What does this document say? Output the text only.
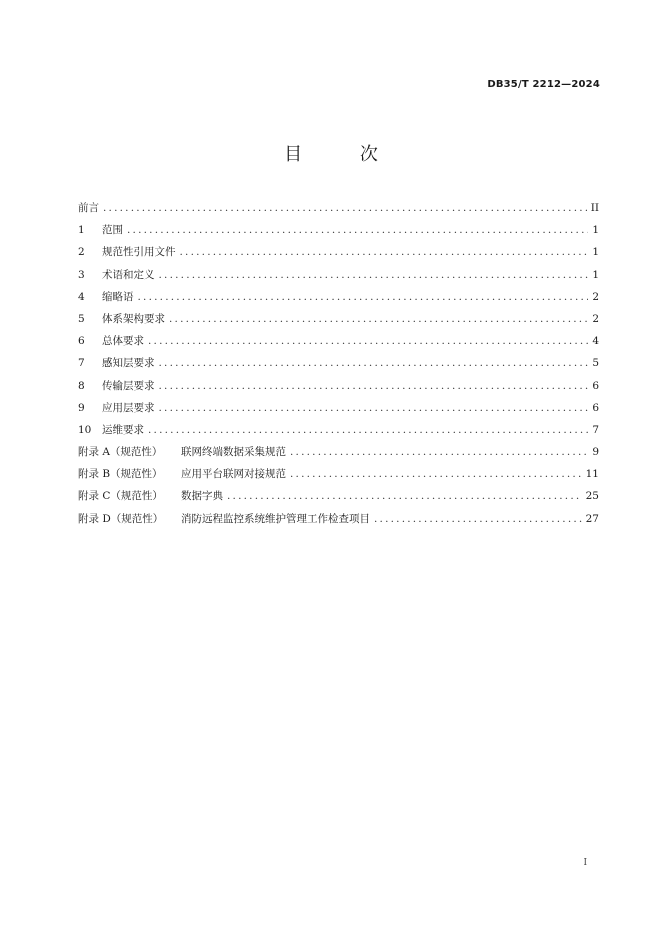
DB35/T 2212—2024
目 次
前言 .....	II
1	范围 .....	1
2	规范性引用文件 .....	1
3	术语和定义 .....	1
4	缩略语 .....	2
5	体系架构要求 .....	2
6	总体要求 .....	4
7	感知层要求 .....	5
8	传输层要求 .....	6
9	应用层要求 .....	6
10	运维要求 .....	7
附录 A（规范性）	联网终端数据采集规范 .....	9
附录 B（规范性）	应用平台联网对接规范 .....	11
附录 C（规范性）	数据字典 .....	25
附录 D（规范性）	消防远程监控系统维护管理工作检查项目 .....	27
I
